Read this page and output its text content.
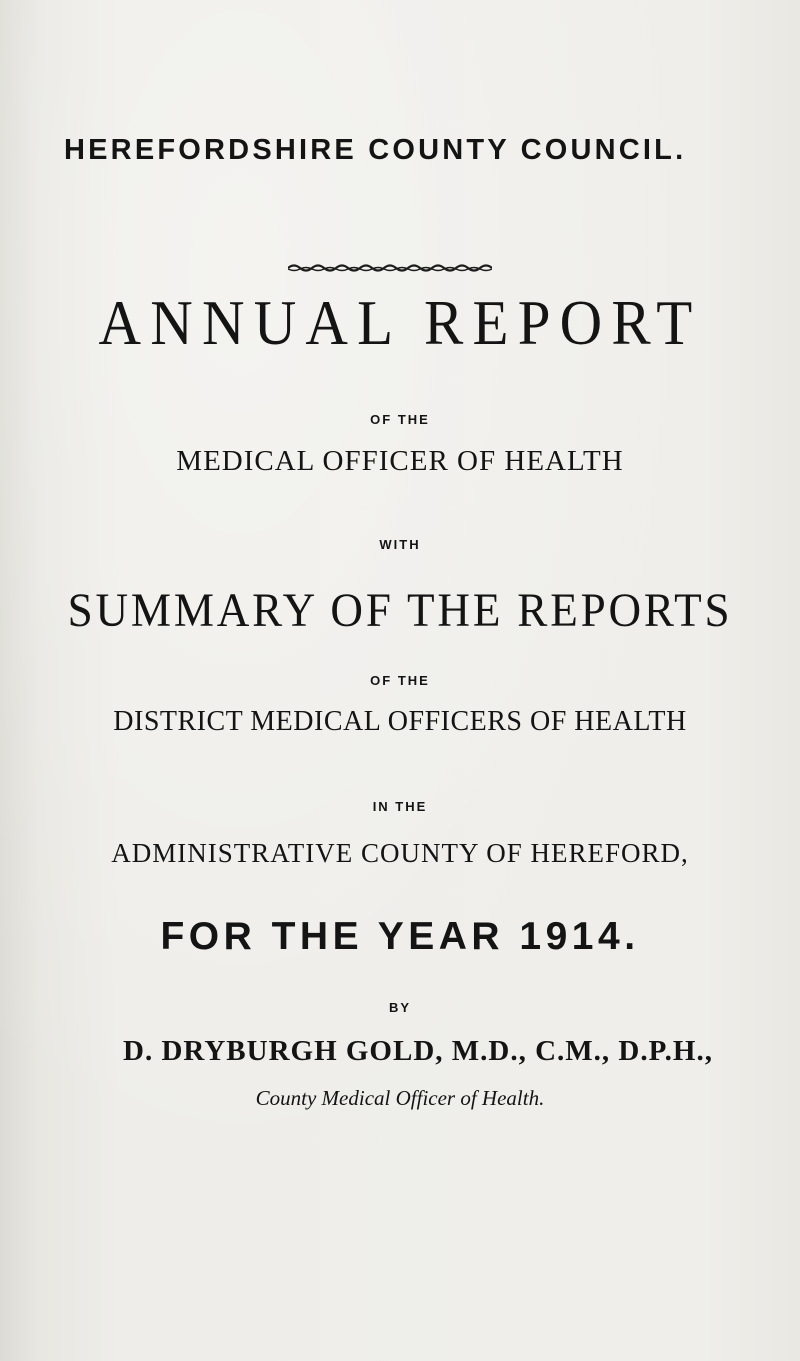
HEREFORDSHIRE COUNTY COUNCIL.
ANNUAL REPORT
OF THE
MEDICAL OFFICER OF HEALTH
WITH
SUMMARY OF THE REPORTS
OF THE
DISTRICT MEDICAL OFFICERS OF HEALTH
IN THE
ADMINISTRATIVE COUNTY OF HEREFORD,
FOR THE YEAR 1914.
BY
D. DRYBURGH GOLD, M.D., C.M., D.P.H.,
County Medical Officer of Health.
